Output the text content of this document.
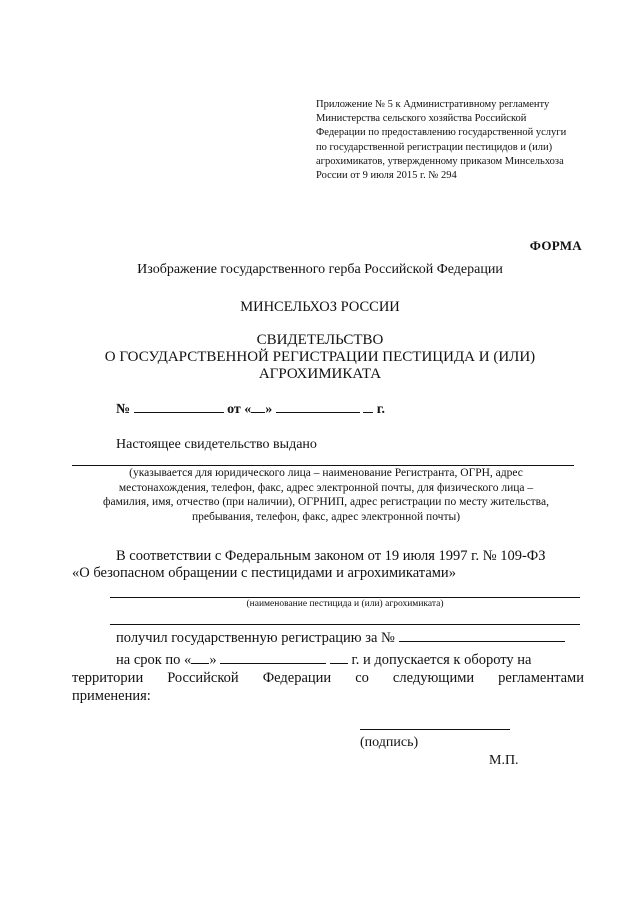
Приложение № 5 к Административному регламенту
Министерства сельского хозяйства Российской
Федерации по предоставлению государственной услуги
по государственной регистрации пестицидов и (или)
агрохимикатов, утвержденному приказом Минсельхоза
России от 9 июля 2015 г. № 294
ФОРМА
Изображение государственного герба Российской Федерации
МИНСЕЛЬХОЗ РОССИИ
СВИДЕТЕЛЬСТВО
О ГОСУДАРСТВЕННОЙ РЕГИСТРАЦИИ ПЕСТИЦИДА И (ИЛИ)
АГРОХИМИКАТА
№	от « »	г.
Настоящее свидетельство выдано
(указывается для юридического лица – наименование Регистранта, ОГРН, адрес
местонахождения, телефон, факс, адрес электронной почты, для физического лица –
фамилия, имя, отчество (при наличии), ОГРНИП, адрес регистрации по месту жительства,
пребывания, телефон, факс, адрес электронной почты)
В соответствии с Федеральным законом от 19 июля 1997 г. № 109-ФЗ
«О безопасном обращении с пестицидами и агрохимикатами»
(наименование пестицида и (или) агрохимиката)
получил государственную регистрацию за №
на срок по « »	г. и допускается к обороту на
территории Российской Федерации со следующими регламентами
применения:
(подпись)
М.П.
